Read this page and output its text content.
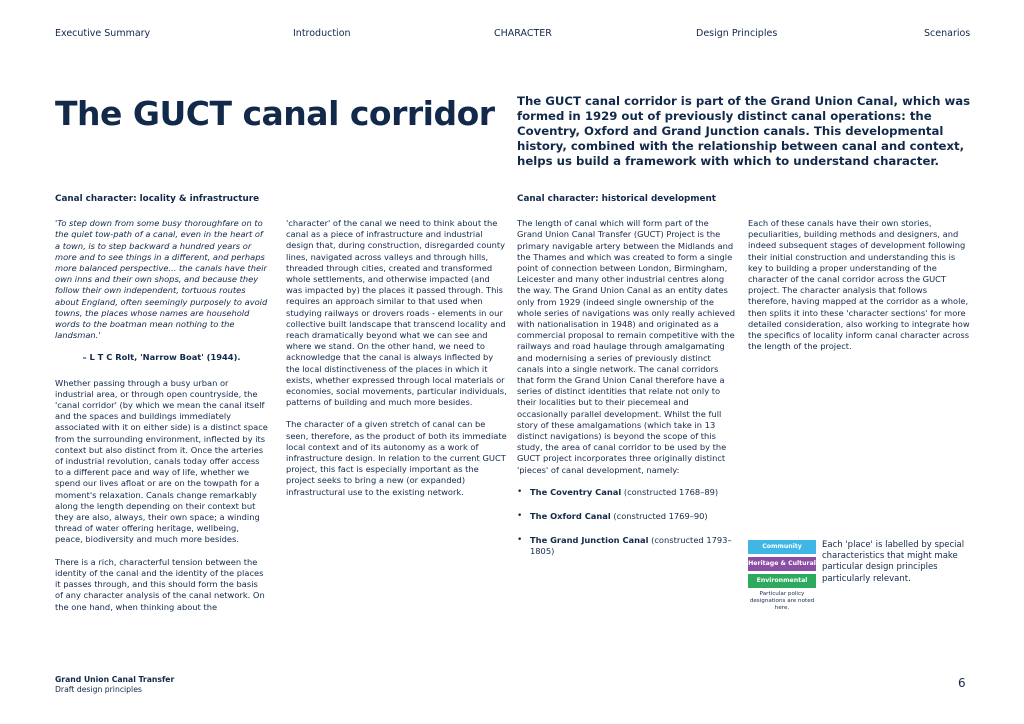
Executive Summary	Introduction	CHARACTER	Design Principles	Scenarios
The GUCT canal corridor The GUCT canal corridor is part of the Grand Union Canal, which was formed in 1929 out of previously distinct canal operations: the Coventry, Oxford and Grand Junction canals. This developmental history, combined with the relationship between canal and context, helps us build a framework with which to understand character.

Canal character: locality & infrastructure

'To step down from some busy thoroughfare on to the quiet tow-path of a canal, even in the heart of a town, is to step backward a hundred years or more and to see things in a different, and perhaps more balanced perspective... the canals have their own inns and their own shops, and because they follow their own independent, tortuous routes about England, often seemingly purposely to avoid towns, the places whose names are household words to the boatman mean nothing to the landsman.'

– L T C Rolt, 'Narrow Boat' (1944).

Whether passing through a busy urban or industrial area, or through open countryside, the 'canal corridor' (by which we mean the canal itself and the spaces and buildings immediately associated with it on either side) is a distinct space from the surrounding environment, inflected by its context but also distinct from it. Once the arteries of industrial revolution, canals today offer access to a different pace and way of life, whether we spend our lives afloat or are on the towpath for a moment's relaxation. Canals change remarkably along the length depending on their context but they are also, always, their own space; a winding thread of water offering heritage, wellbeing, peace, biodiversity and much more besides.

There is a rich, characterful tension between the identity of the canal and the identity of the places it passes through, and this should form the basis of any character analysis of the canal network. On the one hand, when thinking about the

'character' of the canal we need to think about the canal as a piece of infrastructure and industrial design that, during construction, disregarded county lines, navigated across valleys and through hills, threaded through cities, created and transformed whole settlements, and otherwise impacted (and was impacted by) the places it passed through. This requires an approach similar to that used when studying railways or drovers roads - elements in our collective built landscape that transcend locality and reach dramatically beyond what we can see and where we stand. On the other hand, we need to acknowledge that the canal is always inflected by the local distinctiveness of the places in which it exists, whether expressed through local materials or economies, social movements, particular individuals, patterns of building and much more besides.

The character of a given stretch of canal can be seen, therefore, as the product of both its immediate local context and of its autonomy as a work of infrastructure design. In relation to the current GUCT project, this fact is especially important as the project seeks to bring a new (or expanded) infrastructural use to the existing network.

Canal character: historical development

The length of canal which will form part of the Grand Union Canal Transfer (GUCT) Project is the primary navigable artery between the Midlands and the Thames and which was created to form a single point of connection between London, Birmingham, Leicester and many other industrial centres along the way. The Grand Union Canal as an entity dates only from 1929 (indeed single ownership of the whole series of navigations was only really achieved with nationalisation in 1948) and originated as a commercial proposal to remain competitive with the railways and road haulage through amalgamating and modernising a series of previously distinct canals into a single network. The canal corridors that form the Grand Union Canal therefore have a series of distinct identities that relate not only to their localities but to their piecemeal and occasionally parallel development. Whilst the full story of these amalgamations (which take in 13 distinct navigations) is beyond the scope of this study, the area of canal corridor to be used by the GUCT project incorporates three originally distinct 'pieces' of canal development, namely:

• The Coventry Canal (constructed 1768–89)
• The Oxford Canal (constructed 1769–90)
• The Grand Junction Canal (constructed 1793–1805)

Each of these canals have their own stories, peculiarities, building methods and designers, and indeed subsequent stages of development following their initial construction and understanding this is key to building a proper understanding of the character of the canal corridor across the GUCT project. The character analysis that follows therefore, having mapped at the corridor as a whole, then splits it into these 'character sections' for more detailed consideration, also working to integrate how the specifics of locality inform canal character across the length of the project.

Community
Heritage & Cultural
Environmental
Particular policy designations are noted here.
Each 'place' is labelled by special characteristics that might make particular design principles particularly relevant.
Grand Union Canal Transfer
Draft design principles	6
